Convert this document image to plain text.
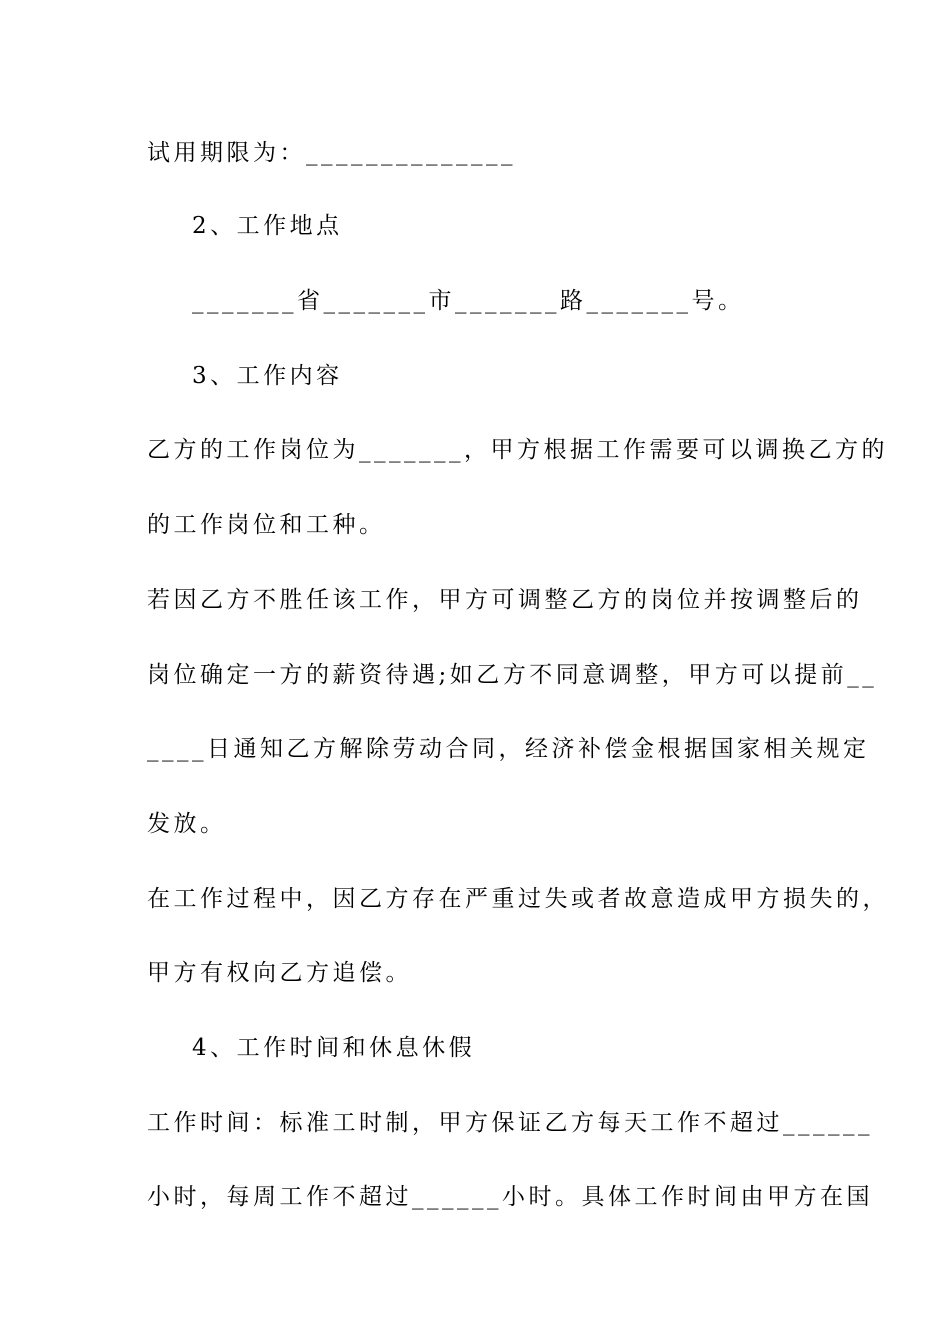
试用期限为：______________
2、工作地点
_______省_______市_______路_______号。
3、工作内容
乙方的工作岗位为_______，甲方根据工作需要可以调换乙方的
的工作岗位和工种。
若因乙方不胜任该工作，甲方可调整乙方的岗位并按调整后的
岗位确定一方的薪资待遇;如乙方不同意调整，甲方可以提前__
____日通知乙方解除劳动合同，经济补偿金根据国家相关规定
发放。
在工作过程中，因乙方存在严重过失或者故意造成甲方损失的，
甲方有权向乙方追偿。
4、工作时间和休息休假
工作时间：标准工时制，甲方保证乙方每天工作不超过______
小时，每周工作不超过______小时。具体工作时间由甲方在国
